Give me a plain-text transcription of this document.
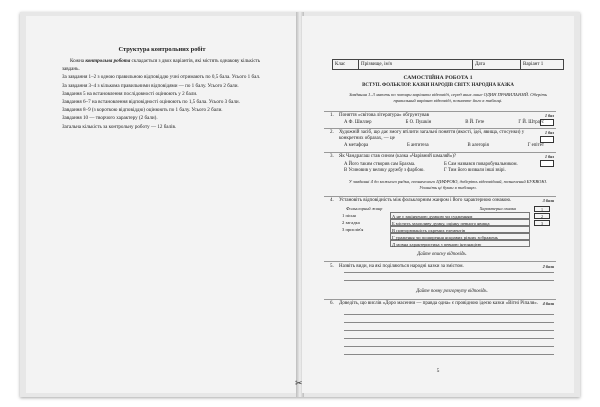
Структура контрольних робіт

Кожна контрольна робота складається з двох варіантів, які містять однакову кількість завдань.

За завдання 1–2 з одною правильною відповіддю учні отримають по 0,5 бала. Усього 1 бал.

За завдання 3–4 з кількома правильними відповідями — по 1 балу. Усього 2 бали.

Завдання 5 на встановлення послідовності оцінюють у 2 бали.

Завдання 6–7 на встановлення відповідності оцінюють по 1,5 бала. Усього 3 бали.

Завдання 8–9 (з короткою відповіддю) оцінюють по 1 балу. Усього 2 бали.

Завдання 10 — творчого характеру (2 бали).

Загальна кількість за контрольну роботу — 12 балів.

Клас	Прізвище, ім'я	Дата	Варіант 1
САМОСТІЙНА РОБОТА 1
ВСТУП. ФОЛЬКЛОР. КАЗКИ НАРОДІВ СВІТУ. НАРОДНА КАЗКА
Завдання 1–3 мають по чотири варіанти відповіді, серед яких лише ОДИН ПРАВИЛЬНИЙ. Оберіть правильний варіант відповіді, позначте його в таблиці.
1. Поняття «світова література» обгрунтував	1 бал
А Ф. Шиллер	Б О. Пушкін	В Й. Гете	Г Й. Штраус
2. Художній засіб, що дає змогу втілити загальні поняття (якості, ідеї, явища, стосунки) у конкретних образах, — це
1 бал
А метафора	Б антитеза	В алегорія	Г епітет
3. Як Чандрагаш став сином (казка «Чарівний шмаляй»)?	1 бал
А Його таким створив сам Брахма.	Б Сам назвався поваробувальником.
В Усиновив у велику дружбу з фарбою.	Г Тим його визвали інші звірі.
У завданні 4 до кожного рядка, позначеного ЦИФРОЮ, доберіть відповідний, позначений БУКВОЮ. Упишіть ці букви в таблицю.
4. Установіть відповідність між фольклорним жанром і його характерною ознакою.	3 бали
Фольклорний жанр	Характерна ознака
1 пісня	А не є закінченою думкою чи судженням
2 загадка	Б містить захопливу думку, оцінку певного явища
3 прислів'я	В повторюваність окремих елементів
Г ураження чи поширення яскравих різних зображень
Д мовна характеристика з певною інтонацією
1
2
3
Дайте описну відповідь.
5. Назвіть види, на які поділяються народні казки за змістом.	2 бали
Дайте повну розгорнуту відповідь.
6. Доведіть, що вислів «Доро масенни — правда одна» є провідною ідеєю казки «Вітні Ріпаля».	4 бали
5
✂
